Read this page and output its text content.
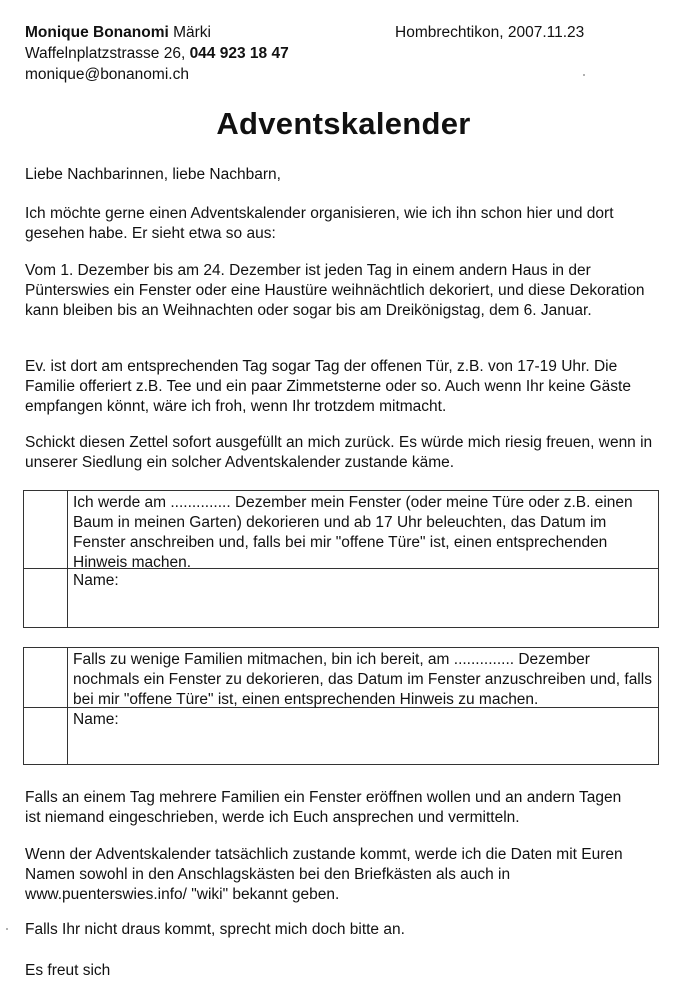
Monique Bonanomi Märki
Waffelnplatzstrasse 26, 044 923 18 47
monique@bonanomi.ch
Hombrechtikon, 2007.11.23
Adventskalender

Liebe Nachbarinnen, liebe Nachbarn,

Ich möchte gerne einen Adventskalender organisieren, wie ich ihn schon hier und dort gesehen habe. Er sieht etwa so aus:

Vom 1. Dezember bis am 24. Dezember ist jeden Tag in einem andern Haus in der Pünterswies ein Fenster oder eine Haustüre weihnächtlich dekoriert, und diese Dekoration kann bleiben bis an Weihnachten oder sogar bis am Dreikönigstag, dem 6. Januar.

Ev. ist dort am entsprechenden Tag sogar Tag der offenen Tür, z.B. von 17-19 Uhr. Die Familie offeriert z.B. Tee und ein paar Zimmetsterne oder so. Auch wenn Ihr keine Gäste empfangen könnt, wäre ich froh, wenn Ihr trotzdem mitmacht.

Schickt diesen Zettel sofort ausgefüllt an mich zurück. Es würde mich riesig freuen, wenn in unserer Siedlung ein solcher Adventskalender zustande käme.

Ich werde am .............. Dezember mein Fenster (oder meine Türe oder z.B. einen Baum in meinen Garten) dekorieren und ab 17 Uhr beleuchten, das Datum im Fenster anschreiben und, falls bei mir "offene Türe" ist, einen entsprechenden Hinweis machen.
Name:
Falls zu wenige Familien mitmachen, bin ich bereit, am .............. Dezember nochmals ein Fenster zu dekorieren, das Datum im Fenster anzuschreiben und, falls bei mir "offene Türe" ist, einen entsprechenden Hinweis zu machen.
Name:

Falls an einem Tag mehrere Familien ein Fenster eröffnen wollen und an andern Tagen ist niemand eingeschrieben, werde ich Euch ansprechen und vermitteln.

Wenn der Adventskalender tatsächlich zustande kommt, werde ich die Daten mit Euren Namen sowohl in den Anschlagskästen bei den Briefkästen als auch in www.puenterswies.info/ "wiki" bekannt geben.

Falls Ihr nicht draus kommt, sprecht mich doch bitte an.

Es freut sich
